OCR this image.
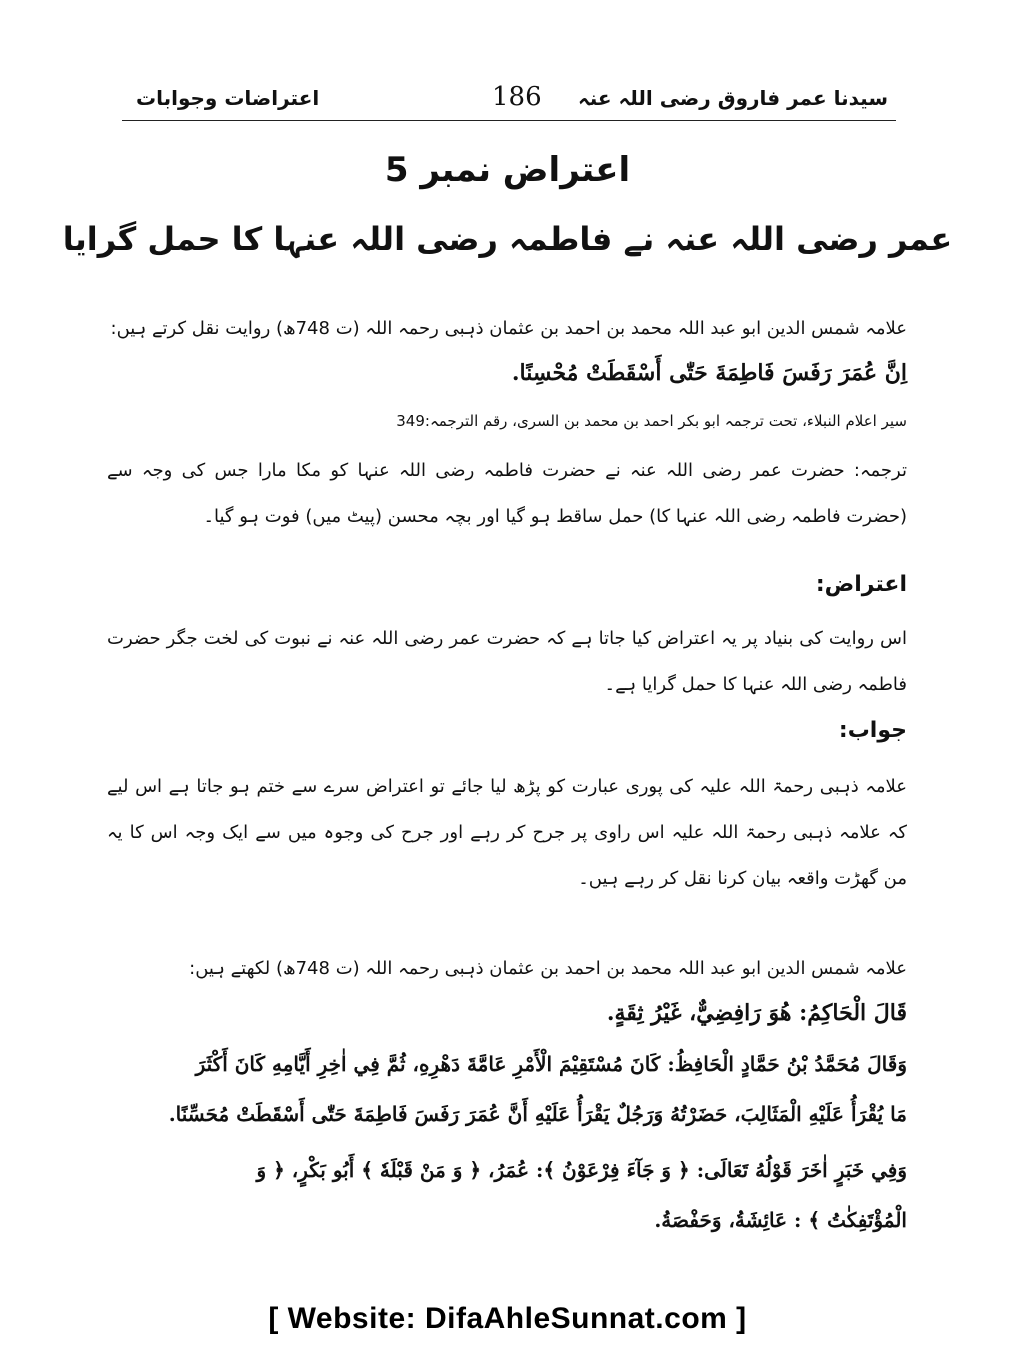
سیدنا عمر فاروق رضی اللہ عنہ
186
اعتراضات وجوابات
اعتراض نمبر 5
عمر رضی اللہ عنہ نے فاطمہ رضی اللہ عنہا کا حمل گرایا
علامہ شمس الدین ابو عبد اللہ محمد بن احمد بن عثمان ذہبی رحمہ اللہ (ت 748ھ) روایت نقل کرتے ہیں:
اِنَّ عُمَرَ رَفَسَ فَاطِمَةَ حَتّٰى أَسْقَطَتْ مُحْسِنًا.
سیر اعلام النبلاء، تحت ترجمہ ابو بکر احمد بن محمد بن السری، رقم الترجمہ:349
ترجمہ: حضرت عمر رضی اللہ عنہ نے حضرت فاطمہ رضی اللہ عنہا کو مکا مارا جس کی وجہ سے (حضرت فاطمہ رضی اللہ عنہا کا) حمل ساقط ہو گیا اور بچہ محسن (پیٹ میں) فوت ہو گیا۔
اعتراض:
اس روایت کی بنیاد پر یہ اعتراض کیا جاتا ہے کہ حضرت عمر رضی اللہ عنہ نے نبوت کی لخت جگر حضرت فاطمہ رضی اللہ عنہا کا حمل گرایا ہے۔
جواب:
علامہ ذہبی رحمۃ اللہ علیہ کی پوری عبارت کو پڑھ لیا جائے تو اعتراض سرے سے ختم ہو جاتا ہے اس لیے کہ علامہ ذہبی رحمۃ اللہ علیہ اس راوی پر جرح کر رہے اور جرح کی وجوہ میں سے ایک وجہ اس کا یہ من گھڑت واقعہ بیان کرنا نقل کر رہے ہیں۔
علامہ شمس الدین ابو عبد اللہ محمد بن احمد بن عثمان ذہبی رحمہ اللہ (ت 748ھ) لکھتے ہیں:
قَالَ الْحَاكِمُ: هُوَ رَافِضِيٌّ، غَيْرُ ثِقَةٍ.
وَقَالَ مُحَمَّدُ بْنُ حَمَّادٍ الْحَافِظُ: كَانَ مُسْتَقِيْمَ الْأَمْرِ عَامَّةَ دَهْرِهِ، ثُمَّ فِي اٰخِرِ أَيَّامِهِ كَانَ أَكْثَرَ
مَا يُقْرَأُ عَلَيْهِ الْمَثَالِبَ، حَضَرْتُهُ وَرَجُلٌ يَقْرَأُ عَلَيْهِ أَنَّ عُمَرَ رَفَسَ فَاطِمَةَ حَتّٰى أَسْقَطَتْ مُحَسِّنًا.
وَفِي خَبَرٍ اٰخَرَ قَوْلُهُ تَعَالَى: ﴿ وَ جَآءَ فِرْعَوْنُ ﴾: عُمَرُ، ﴿ وَ مَنْ قَبْلَهٗ ﴾ أَبُو بَكْرٍ، ﴿ وَ
الْمُؤْتَفِكٰتُ ﴾ : عَائِشَةُ، وَحَفْصَةُ.
[ Website: DifaAhleSunnat.com ]
